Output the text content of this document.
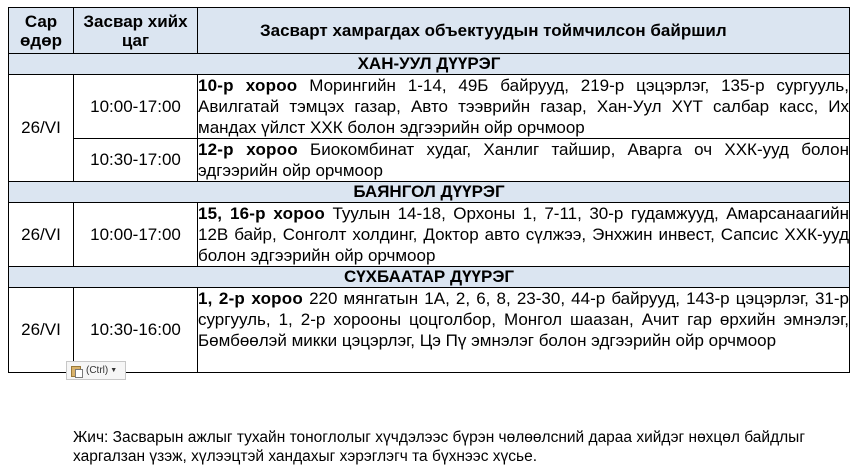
Сар өдөр	Засвар хийх цаг	Засварт хамрагдах объектуудын тоймчилсон байршил
ХАН-УУЛ ДҮҮРЭГ		
26/VI	10:00-17:00	10-р хороо Морингийн 1-14, 49Б байрууд, 219-р цэцэрлэг, 135-р сургууль, Авилгатай тэмцэх газар, Авто тээврийн газар, Хан-Уул ХҮТ салбар касс, Их мандах үйлст ХХК болон эдгээрийн ойр орчмоор
	10:30-17:00	12-р хороо Биокомбинат худаг, Ханлиг тайшир, Аварга оч ХХК-ууд болон эдгээрийн ойр орчмоор
БАЯНГОЛ ДҮҮРЭГ		
26/VI	10:00-17:00	15, 16-р хороо Туулын 14-18, Орхоны 1, 7-11, 30-р гудамжууд, Амарсанаагийн 12В байр, Сонголт холдинг, Доктор авто сүлжээ, Энхжин инвест, Сапсис ХХК-ууд болон эдгээрийн ойр орчмоор
СҮХБААТАР ДҮҮРЭГ		
26/VI	10:30-16:00	1, 2-р хороо 220 мянгатын 1А, 2, 6, 8, 23-30, 44-р байрууд, 143-р цэцэрлэг, 31-р сургууль, 1, 2-р хорооны цоцголбор, Монгол шаазан, Ачит гар өрхийн эмнэлэг, Бөмбөөлэй микки цэцэрлэг, Цэ Пү эмнэлэг болон эдгээрийн ойр орчмоор
(Ctrl) ▼
Жич: Засварын ажлыг тухайн тоноглолыг хүчдэлээс бүрэн чөлөөлсний дараа хийдэг нөхцөл байдлыг харгалзан үзэж, хүлээцтэй хандахыг хэрэглэгч та бүхнээс хүсье.
